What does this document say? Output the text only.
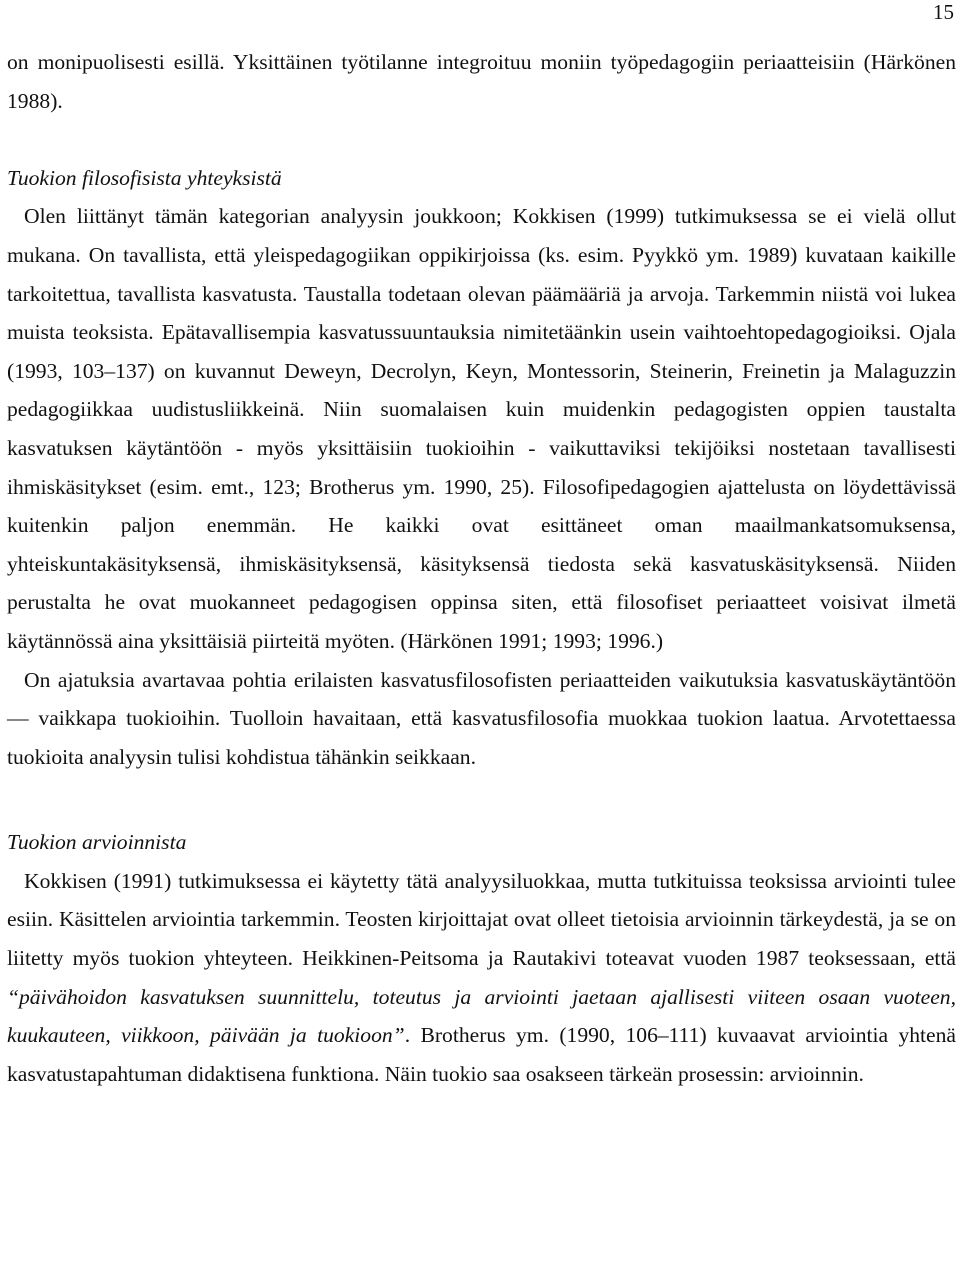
15

on monipuolisesti esillä. Yksittäinen työtilanne integroituu moniin työpedagogiin periaatteisiin (Härkönen 1988).

Tuokion filosofisista yhteyksistä

Olen liittänyt tämän kategorian analyysin joukkoon; Kokkisen (1999) tutkimuksessa se ei vielä ollut mukana. On tavallista, että yleispedagogiikan oppikirjoissa (ks. esim. Pyykkö ym. 1989) kuvataan kaikille tarkoitettua, tavallista kasvatusta. Taustalla todetaan olevan päämääriä ja arvoja. Tarkemmin niistä voi lukea muista teoksista. Epätavallisempia kasvatussuuntauksia nimitetäänkin usein vaihtoehtopedagogioiksi. Ojala (1993, 103–137) on kuvannut Deweyn, Decrolyn, Keyn, Montessorin, Steinerin, Freinetin ja Malaguzzin pedagogiikkaa uudistusliikkeinä. Niin suomalaisen kuin muidenkin pedagogisten oppien taustalta kasvatuksen käytäntöön - myös yksittäisiin tuokioihin - vaikuttaviksi tekijöiksi nostetaan tavallisesti ihmiskäsitykset (esim. emt., 123; Brotherus ym. 1990, 25). Filosofipedagogien ajattelusta on löydettävissä kuitenkin paljon enemmän. He kaikki ovat esittäneet oman maailmankatsomuksensa, yhteiskuntakäsityksensä, ihmiskäsityksensä, käsityksensä tiedosta sekä kasvatuskäsityksensä. Niiden perustalta he ovat muokanneet pedagogisen oppinsa siten, että filosofiset periaatteet voisivat ilmetä käytännössä aina yksittäisiä piirteitä myöten. (Härkönen 1991; 1993; 1996.)

On ajatuksia avartavaa pohtia erilaisten kasvatusfilosofisten periaatteiden vaikutuksia kasvatuskäytäntöön — vaikkapa tuokioihin. Tuolloin havaitaan, että kasvatusfilosofia muokkaa tuokion laatua. Arvotettaessa tuokioita analyysin tulisi kohdistua tähänkin seikkaan.

Tuokion arvioinnista

Kokkisen (1991) tutkimuksessa ei käytetty tätä analyysiluokkaa, mutta tutkituissa teoksissa arviointi tulee esiin. Käsittelen arviointia tarkemmin. Teosten kirjoittajat ovat olleet tietoisia arvioinnin tärkeydestä, ja se on liitetty myös tuokion yhteyteen. Heikkinen-Peitsoma ja Rautakivi toteavat vuoden 1987 teoksessaan, että “päivähoidon kasvatuksen suunnittelu, toteutus ja arviointi jaetaan ajallisesti viiteen osaan vuoteen, kuukauteen, viikkoon, päivään ja tuokioon”. Brotherus ym. (1990, 106–111) kuvaavat arviointia yhtenä kasvatustapahtuman didaktisena funktiona. Näin tuokio saa osakseen tärkeän prosessin: arvioinnin.
